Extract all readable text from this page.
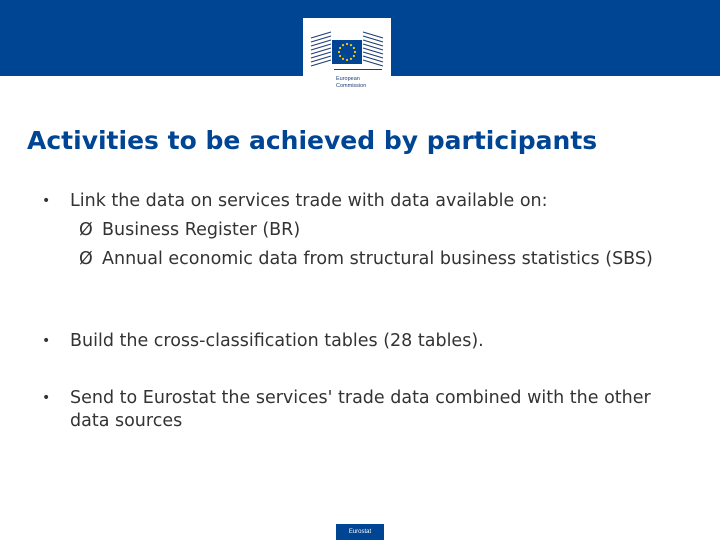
European
Commission
Activities to be achieved by participants
• Link the data on services trade with data available on:
Ø Business Register (BR)
Ø Annual economic data from structural business statistics (SBS)
• Build the cross-classification tables (28 tables).
• Send to Eurostat the services' trade data combined with the other data sources
Eurostat
